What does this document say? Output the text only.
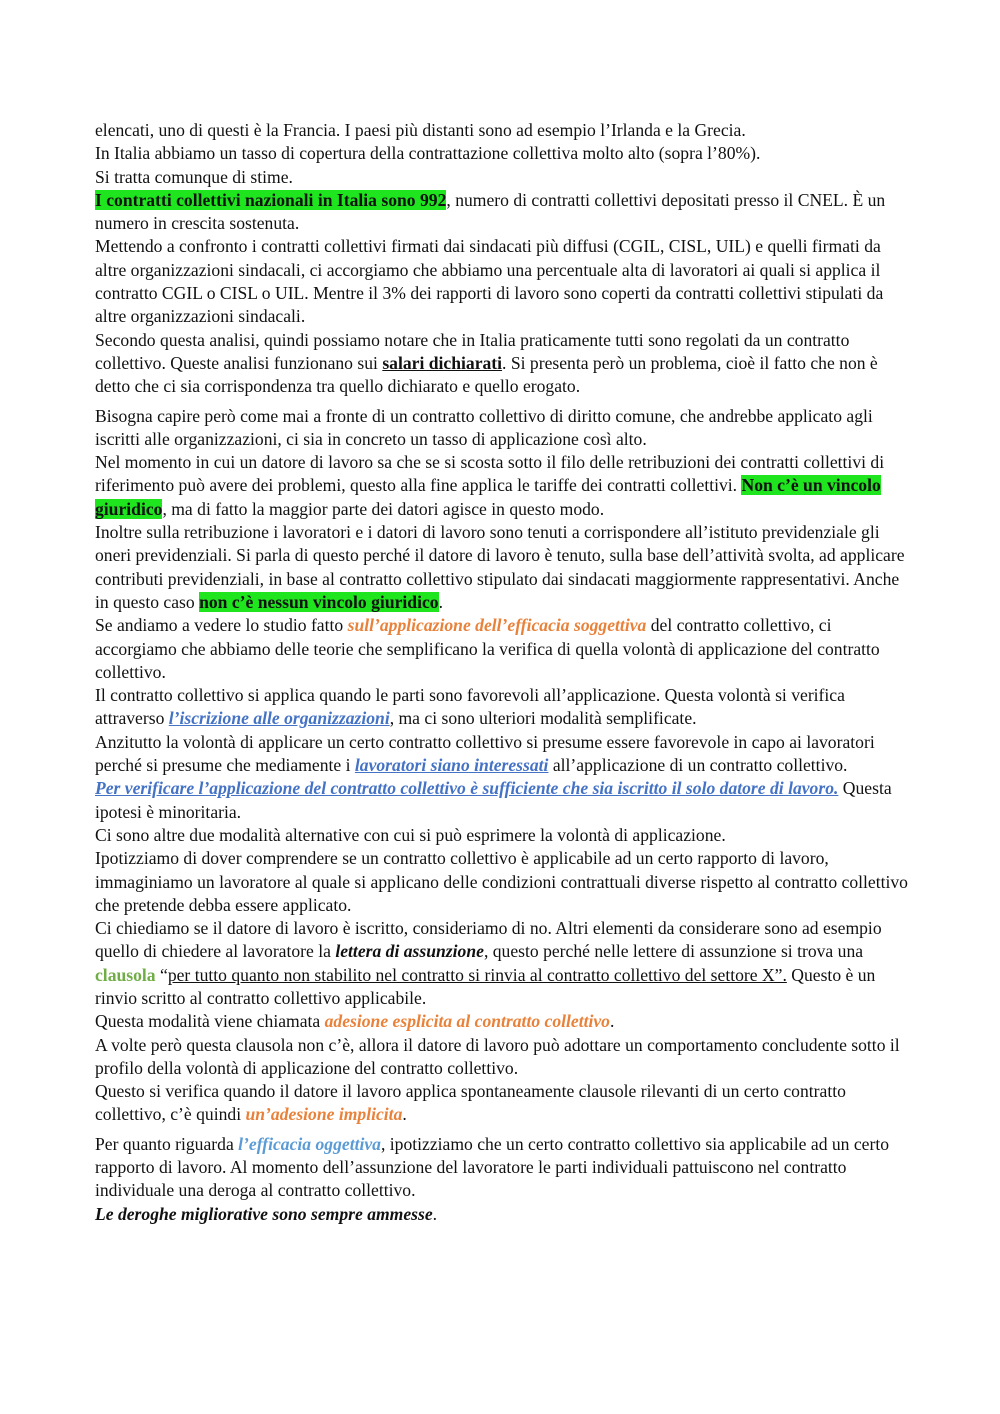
elencati, uno di questi è la Francia. I paesi più distanti sono ad esempio l’Irlanda e la Grecia.

In Italia abbiamo un tasso di copertura della contrattazione collettiva molto alto (sopra l’80%).

Si tratta comunque di stime.

I contratti collettivi nazionali in Italia sono 992, numero di contratti collettivi depositati presso il CNEL. È un numero in crescita sostenuta.

Mettendo a confronto i contratti collettivi firmati dai sindacati più diffusi (CGIL, CISL, UIL) e quelli firmati da altre organizzazioni sindacali, ci accorgiamo che abbiamo una percentuale alta di lavoratori ai quali si applica il contratto CGIL o CISL o UIL. Mentre il 3% dei rapporti di lavoro sono coperti da contratti collettivi stipulati da altre organizzazioni sindacali.

Secondo questa analisi, quindi possiamo notare che in Italia praticamente tutti sono regolati da un contratto collettivo. Queste analisi funzionano sui salari dichiarati. Si presenta però un problema, cioè il fatto che non è detto che ci sia corrispondenza tra quello dichiarato e quello erogato.

Bisogna capire però come mai a fronte di un contratto collettivo di diritto comune, che andrebbe applicato agli iscritti alle organizzazioni, ci sia in concreto un tasso di applicazione così alto.

Nel momento in cui un datore di lavoro sa che se si scosta sotto il filo delle retribuzioni dei contratti collettivi di riferimento può avere dei problemi, questo alla fine applica le tariffe dei contratti collettivi. Non c’è un vincolo giuridico, ma di fatto la maggior parte dei datori agisce in questo modo.

Inoltre sulla retribuzione i lavoratori e i datori di lavoro sono tenuti a corrispondere all’istituto previdenziale gli oneri previdenziali. Si parla di questo perché il datore di lavoro è tenuto, sulla base dell’attività svolta, ad applicare contributi previdenziali, in base al contratto collettivo stipulato dai sindacati maggiormente rappresentativi. Anche in questo caso non c’è nessun vincolo giuridico.

Se andiamo a vedere lo studio fatto sull’applicazione dell’efficacia soggettiva del contratto collettivo, ci accorgiamo che abbiamo delle teorie che semplificano la verifica di quella volontà di applicazione del contratto collettivo.

Il contratto collettivo si applica quando le parti sono favorevoli all’applicazione. Questa volontà si verifica attraverso l’iscrizione alle organizzazioni, ma ci sono ulteriori modalità semplificate.

Anzitutto la volontà di applicare un certo contratto collettivo si presume essere favorevole in capo ai lavoratori perché si presume che mediamente i lavoratori siano interessati all’applicazione di un contratto collettivo.

Per verificare l’applicazione del contratto collettivo è sufficiente che sia iscritto il solo datore di lavoro. Questa ipotesi è minoritaria.

Ci sono altre due modalità alternative con cui si può esprimere la volontà di applicazione.

Ipotizziamo di dover comprendere se un contratto collettivo è applicabile ad un certo rapporto di lavoro, immaginiamo un lavoratore al quale si applicano delle condizioni contrattuali diverse rispetto al contratto collettivo che pretende debba essere applicato.

Ci chiediamo se il datore di lavoro è iscritto, consideriamo di no. Altri elementi da considerare sono ad esempio quello di chiedere al lavoratore la lettera di assunzione, questo perché nelle lettere di assunzione si trova una clausola “per tutto quanto non stabilito nel contratto si rinvia al contratto collettivo del settore X”. Questo è un rinvio scritto al contratto collettivo applicabile.

Questa modalità viene chiamata adesione esplicita al contratto collettivo.

A volte però questa clausola non c’è, allora il datore di lavoro può adottare un comportamento concludente sotto il profilo della volontà di applicazione del contratto collettivo.

Questo si verifica quando il datore il lavoro applica spontaneamente clausole rilevanti di un certo contratto collettivo, c’è quindi un’adesione implicita.

Per quanto riguarda l’efficacia oggettiva, ipotizziamo che un certo contratto collettivo sia applicabile ad un certo rapporto di lavoro. Al momento dell’assunzione del lavoratore le parti individuali pattuiscono nel contratto individuale una deroga al contratto collettivo.

Le deroghe migliorative sono sempre ammesse.
